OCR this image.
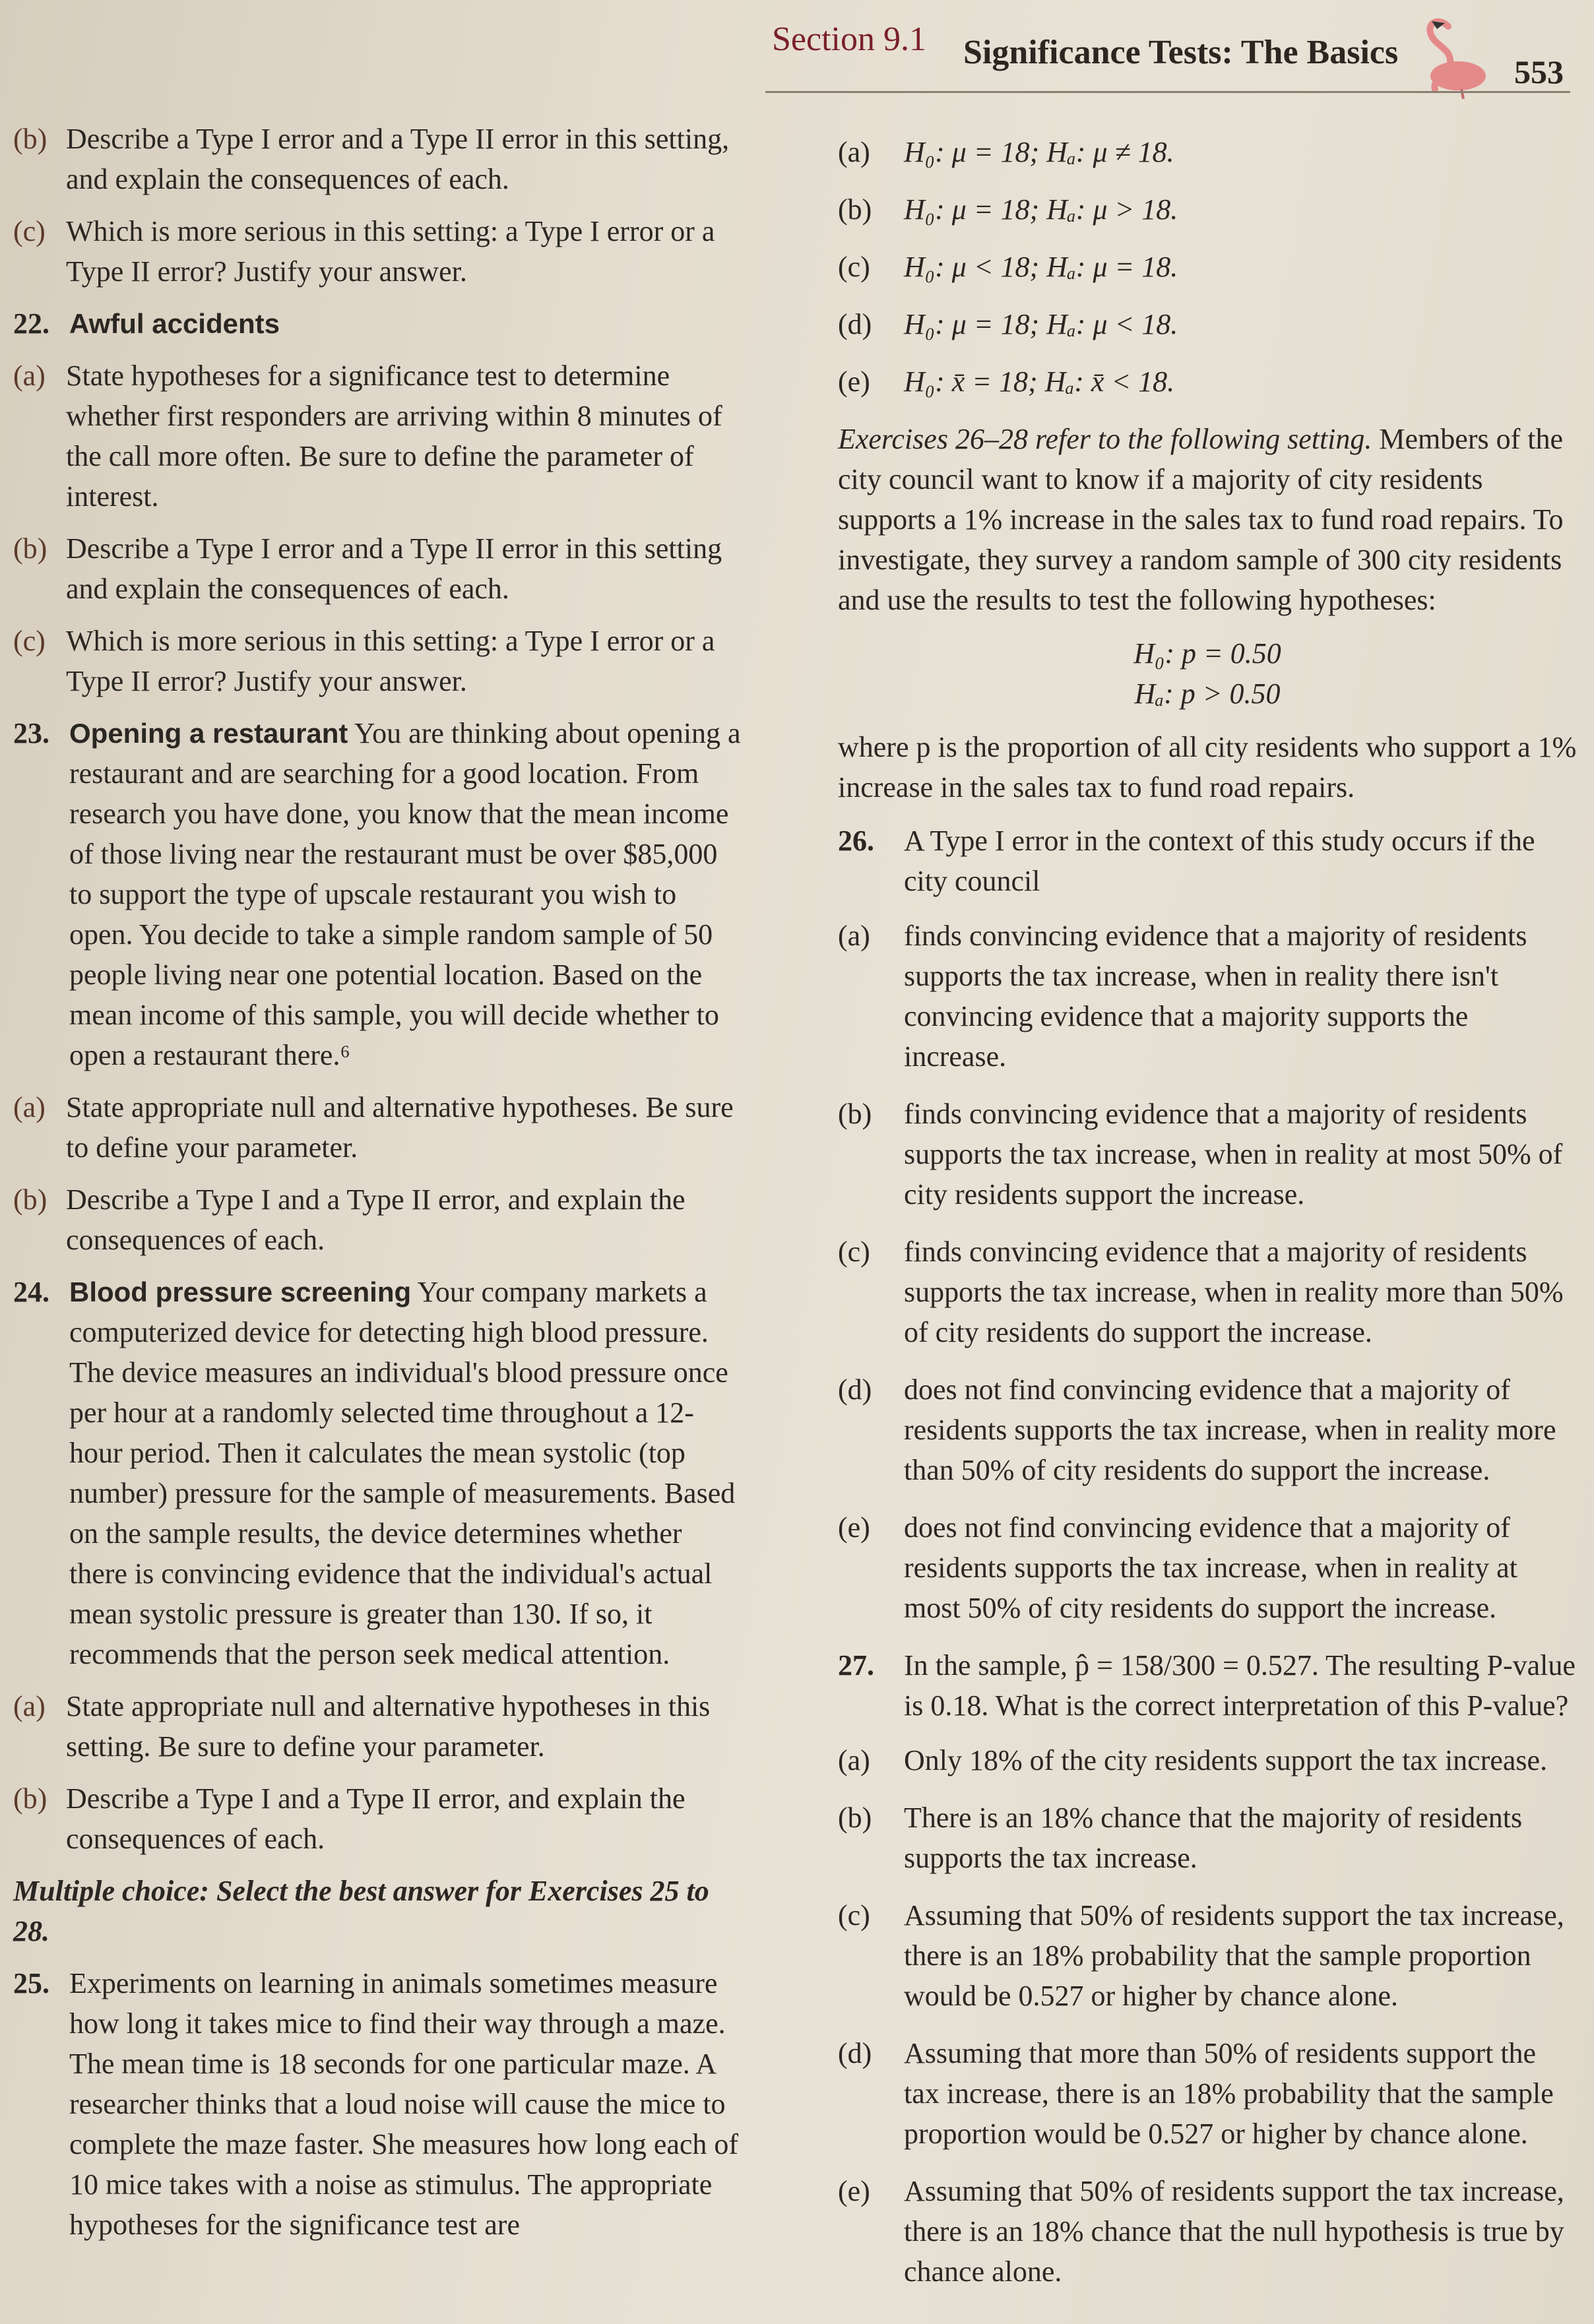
Section 9.1 Significance Tests: The Basics
553
(b) Describe a Type I error and a Type II error in this setting, and explain the consequences of each.
(c) Which is more serious in this setting: a Type I error or a Type II error? Justify your answer.
22. Awful accidents
(a) State hypotheses for a significance test to determine whether first responders are arriving within 8 minutes of the call more often. Be sure to define the parameter of interest.
(b) Describe a Type I error and a Type II error in this setting and explain the consequences of each.
(c) Which is more serious in this setting: a Type I error or a Type II error? Justify your answer.
23. Opening a restaurant You are thinking about opening a restaurant and are searching for a good location. From research you have done, you know that the mean income of those living near the restaurant must be over $85,000 to support the type of upscale restaurant you wish to open. You decide to take a simple random sample of 50 people living near one potential location. Based on the mean income of this sample, you will decide whether to open a restaurant there.⁶
(a) State appropriate null and alternative hypotheses. Be sure to define your parameter.
(b) Describe a Type I and a Type II error, and explain the consequences of each.
24. Blood pressure screening Your company markets a computerized device for detecting high blood pressure. The device measures an individual's blood pressure once per hour at a randomly selected time throughout a 12-hour period. Then it calculates the mean systolic (top number) pressure for the sample of measurements. Based on the sample results, the device determines whether there is convincing evidence that the individual's actual mean systolic pressure is greater than 130. If so, it recommends that the person seek medical attention.
(a) State appropriate null and alternative hypotheses in this setting. Be sure to define your parameter.
(b) Describe a Type I and a Type II error, and explain the consequences of each.
Multiple choice: Select the best answer for Exercises 25 to 28.
25. Experiments on learning in animals sometimes measure how long it takes mice to find their way through a maze. The mean time is 18 seconds for one particular maze. A researcher thinks that a loud noise will cause the mice to complete the maze faster. She measures how long each of 10 mice takes with a noise as stimulus. The appropriate hypotheses for the significance test are
(a) H₀: μ = 18; Hₐ: μ ≠ 18.
(b) H₀: μ = 18; Hₐ: μ > 18.
(c) H₀: μ < 18; Hₐ: μ = 18.
(d) H₀: μ = 18; Hₐ: μ < 18.
(e) H₀: x̄ = 18; Hₐ: x̄ < 18.
Exercises 26–28 refer to the following setting. Members of the city council want to know if a majority of city residents supports a 1% increase in the sales tax to fund road repairs. To investigate, they survey a random sample of 300 city residents and use the results to test the following hypotheses:
H₀: p = 0.50
Hₐ: p > 0.50
where p is the proportion of all city residents who support a 1% increase in the sales tax to fund road repairs.
26. A Type I error in the context of this study occurs if the city council
(a) finds convincing evidence that a majority of residents supports the tax increase, when in reality there isn't convincing evidence that a majority supports the increase.
(b) finds convincing evidence that a majority of residents supports the tax increase, when in reality at most 50% of city residents support the increase.
(c) finds convincing evidence that a majority of residents supports the tax increase, when in reality more than 50% of city residents do support the increase.
(d) does not find convincing evidence that a majority of residents supports the tax increase, when in reality more than 50% of city residents do support the increase.
(e) does not find convincing evidence that a majority of residents supports the tax increase, when in reality at most 50% of city residents do support the increase.
27. In the sample, p̂ = 158/300 = 0.527. The resulting P-value is 0.18. What is the correct interpretation of this P-value?
(a) Only 18% of the city residents support the tax increase.
(b) There is an 18% chance that the majority of residents supports the tax increase.
(c) Assuming that 50% of residents support the tax increase, there is an 18% probability that the sample proportion would be 0.527 or higher by chance alone.
(d) Assuming that more than 50% of residents support the tax increase, there is an 18% probability that the sample proportion would be 0.527 or higher by chance alone.
(e) Assuming that 50% of residents support the tax increase, there is an 18% chance that the null hypothesis is true by chance alone.
